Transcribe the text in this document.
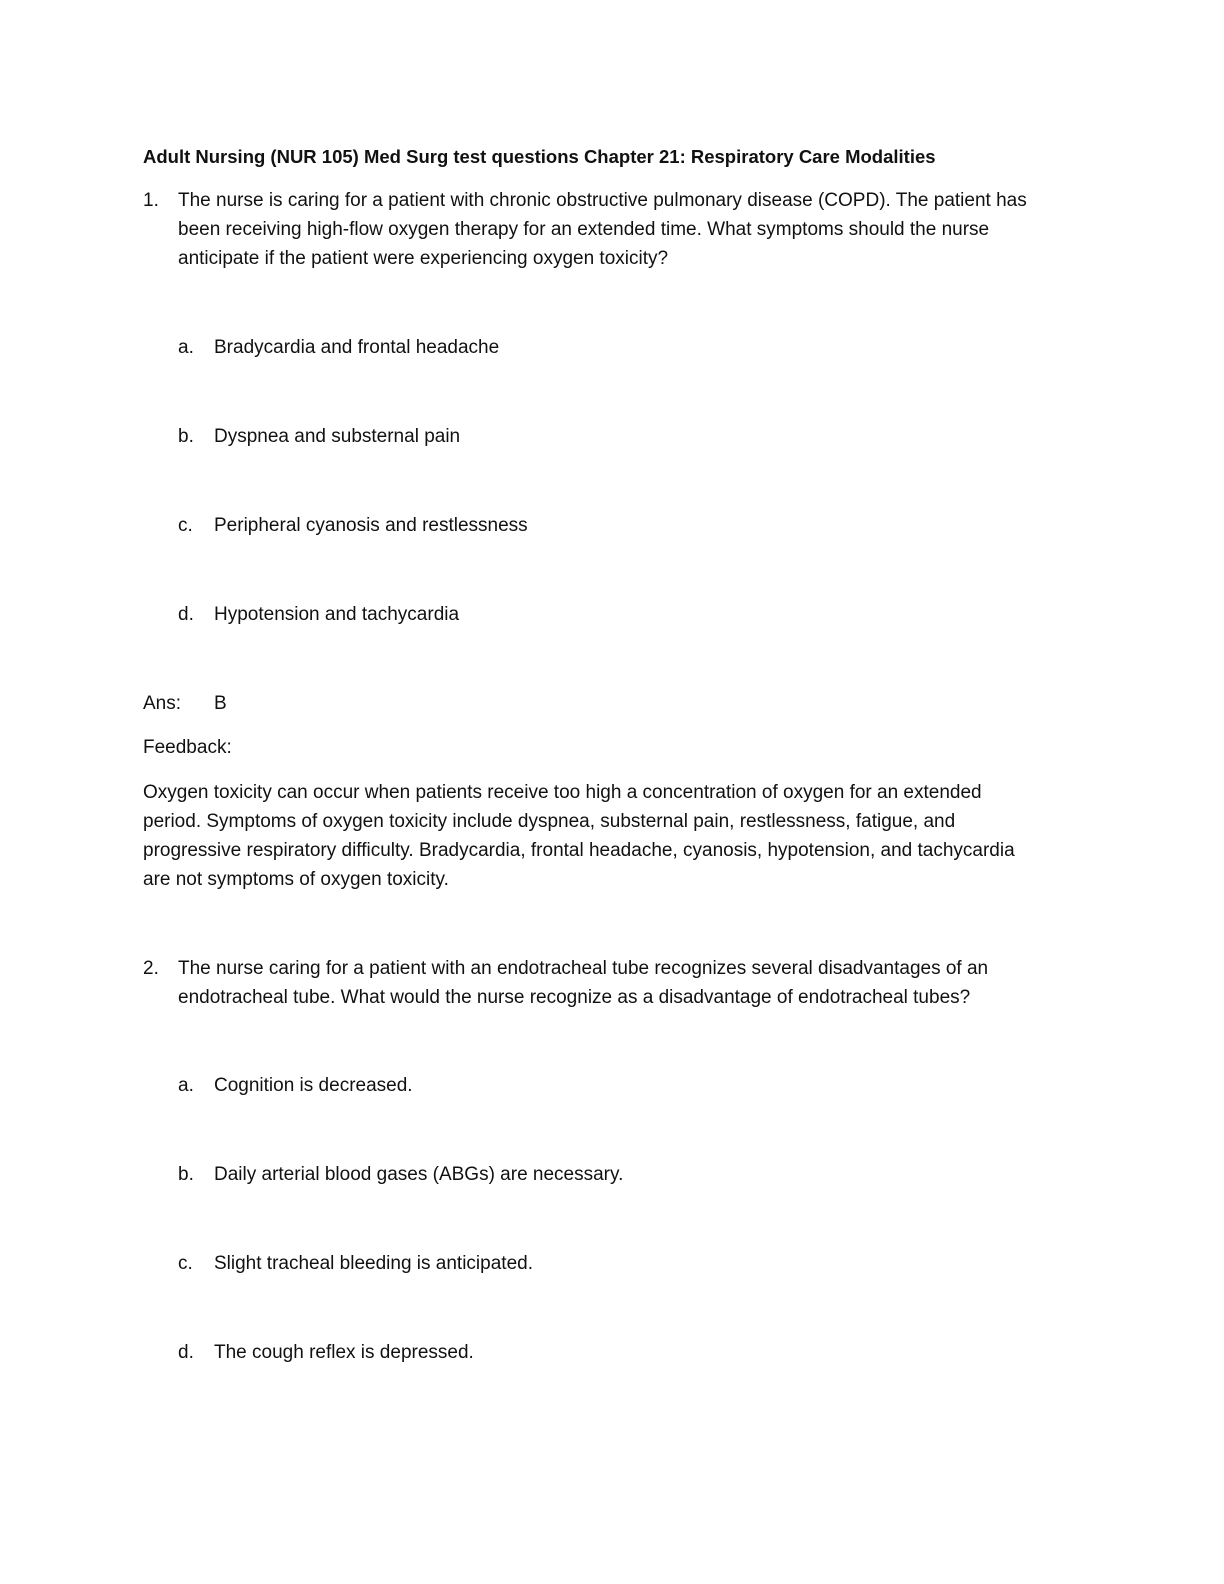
Adult Nursing (NUR 105) Med Surg test questions Chapter 21: Respiratory Care Modalities
1. The nurse is caring for a patient with chronic obstructive pulmonary disease (COPD). The patient has
been receiving high-flow oxygen therapy for an extended time. What symptoms should the nurse
anticipate if the patient were experiencing oxygen toxicity?
a. Bradycardia and frontal headache
b. Dyspnea and substernal pain
c. Peripheral cyanosis and restlessness
d. Hypotension and tachycardia
Ans: B
Feedback:
Oxygen toxicity can occur when patients receive too high a concentration of oxygen for an extended
period. Symptoms of oxygen toxicity include dyspnea, substernal pain, restlessness, fatigue, and
progressive respiratory difficulty. Bradycardia, frontal headache, cyanosis, hypotension, and tachycardia
are not symptoms of oxygen toxicity.
2. The nurse caring for a patient with an endotracheal tube recognizes several disadvantages of an
endotracheal tube. What would the nurse recognize as a disadvantage of endotracheal tubes?
a. Cognition is decreased.
b. Daily arterial blood gases (ABGs) are necessary.
c. Slight tracheal bleeding is anticipated.
d. The cough reflex is depressed.
